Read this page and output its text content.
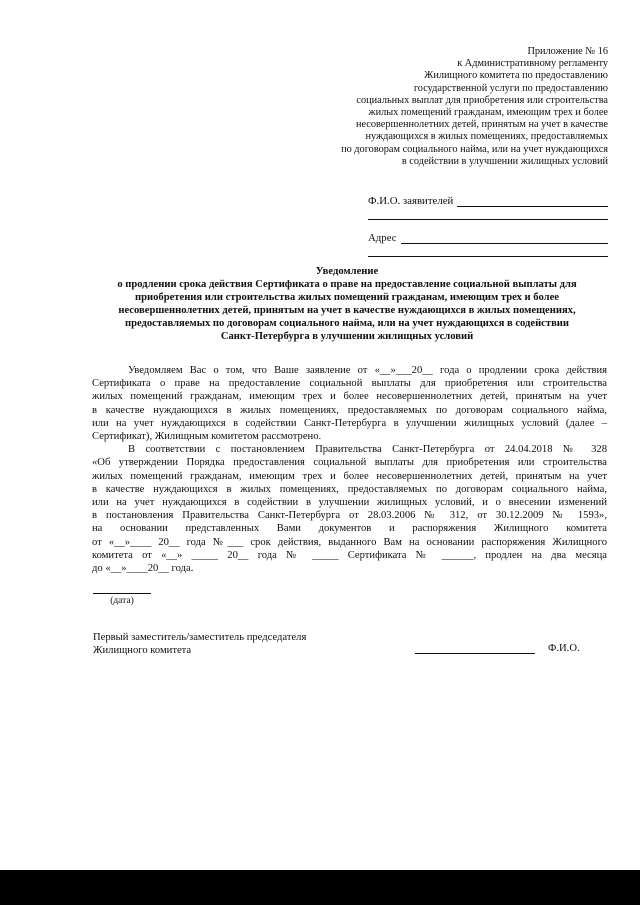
Приложение № 16
к Административному регламенту
Жилищного комитета по предоставлению
государственной услуги по предоставлению
социальных выплат для приобретения или строительства
жилых помещений гражданам, имеющим трех и более
несовершеннолетних детей, принятым на учет в качестве
нуждающихся в жилых помещениях, предоставляемых
по договорам социального найма, или на учет нуждающихся
в содействии в улучшении жилищных условий
Ф.И.О. заявителей
Адрес
Уведомление
о продлении срока действия Сертификата о праве на предоставление социальной выплаты для
приобретения или строительства жилых помещений гражданам, имеющим трех и более
несовершеннолетних детей, принятым на учет в качестве нуждающихся в жилых помещениях,
предоставляемых по договорам социального найма, или на учет нуждающихся в содействии
Санкт-Петербурга в улучшении жилищных условий
Уведомляем Вас о том, что Ваше заявление от «__»___20__ года о продлении срока действия
Сертификата о праве на предоставление социальной выплаты для приобретения или строительства
жилых помещений гражданам, имеющим трех и более несовершеннолетних детей, принятым на учет
в качестве нуждающихся в жилых помещениях, предоставляемых по договорам социального найма,
или на учет нуждающихся в содействии Санкт-Петербурга в улучшении жилищных условий (далее –
Сертификат), Жилищным комитетом рассмотрено.
В соответствии с постановлением Правительства Санкт-Петербурга от 24.04.2018 № 328
«Об утверждении Порядка предоставления социальной выплаты для приобретения или строительства
жилых помещений гражданам, имеющим трех и более несовершеннолетних детей, принятым на учет
в качестве нуждающихся в жилых помещениях, предоставляемых по договорам социального найма,
или на учет нуждающихся в содействии в улучшении жилищных условий, и о внесении изменений
в постановления Правительства Санкт-Петербурга от 28.03.2006 № 312, от 30.12.2009 № 1593»,
на основании представленных Вами документов и распоряжения Жилищного комитета
от «__»____ 20__ года №___ срок действия, выданного Вам на основании распоряжения Жилищного
комитета от «__» _____ 20__ года № _____ Сертификата № ______, продлен на два месяца
до «__»____20__ года.
(дата)
Первый заместитель/заместитель председателя
Жилищного комитета	Ф.И.О.
